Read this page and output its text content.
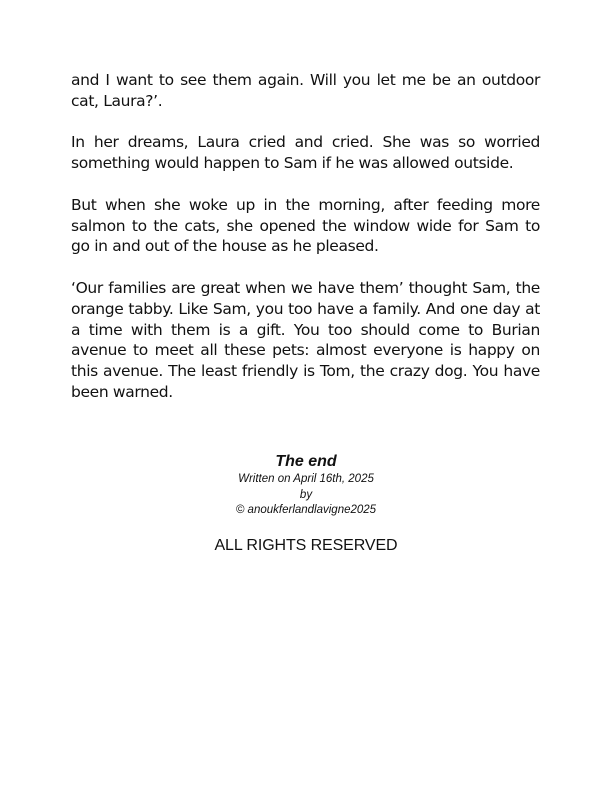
and I want to see them again. Will you let me be an outdoor cat, Laura?’.

In her dreams, Laura cried and cried. She was so worried something would happen to Sam if he was allowed outside.

But when she woke up in the morning, after feeding more salmon to the cats, she opened the window wide for Sam to go in and out of the house as he pleased.

‘Our families are great when we have them’ thought Sam, the orange tabby. Like Sam, you too have a family. And one day at a time with them is a gift. You too should come to Burian avenue to meet all these pets: almost everyone is happy on this avenue. The least friendly is Tom, the crazy dog. You have been warned.

The end

Written on April 16th, 2025

by

© anoukferlandlavigne2025

ALL RIGHTS RESERVED
